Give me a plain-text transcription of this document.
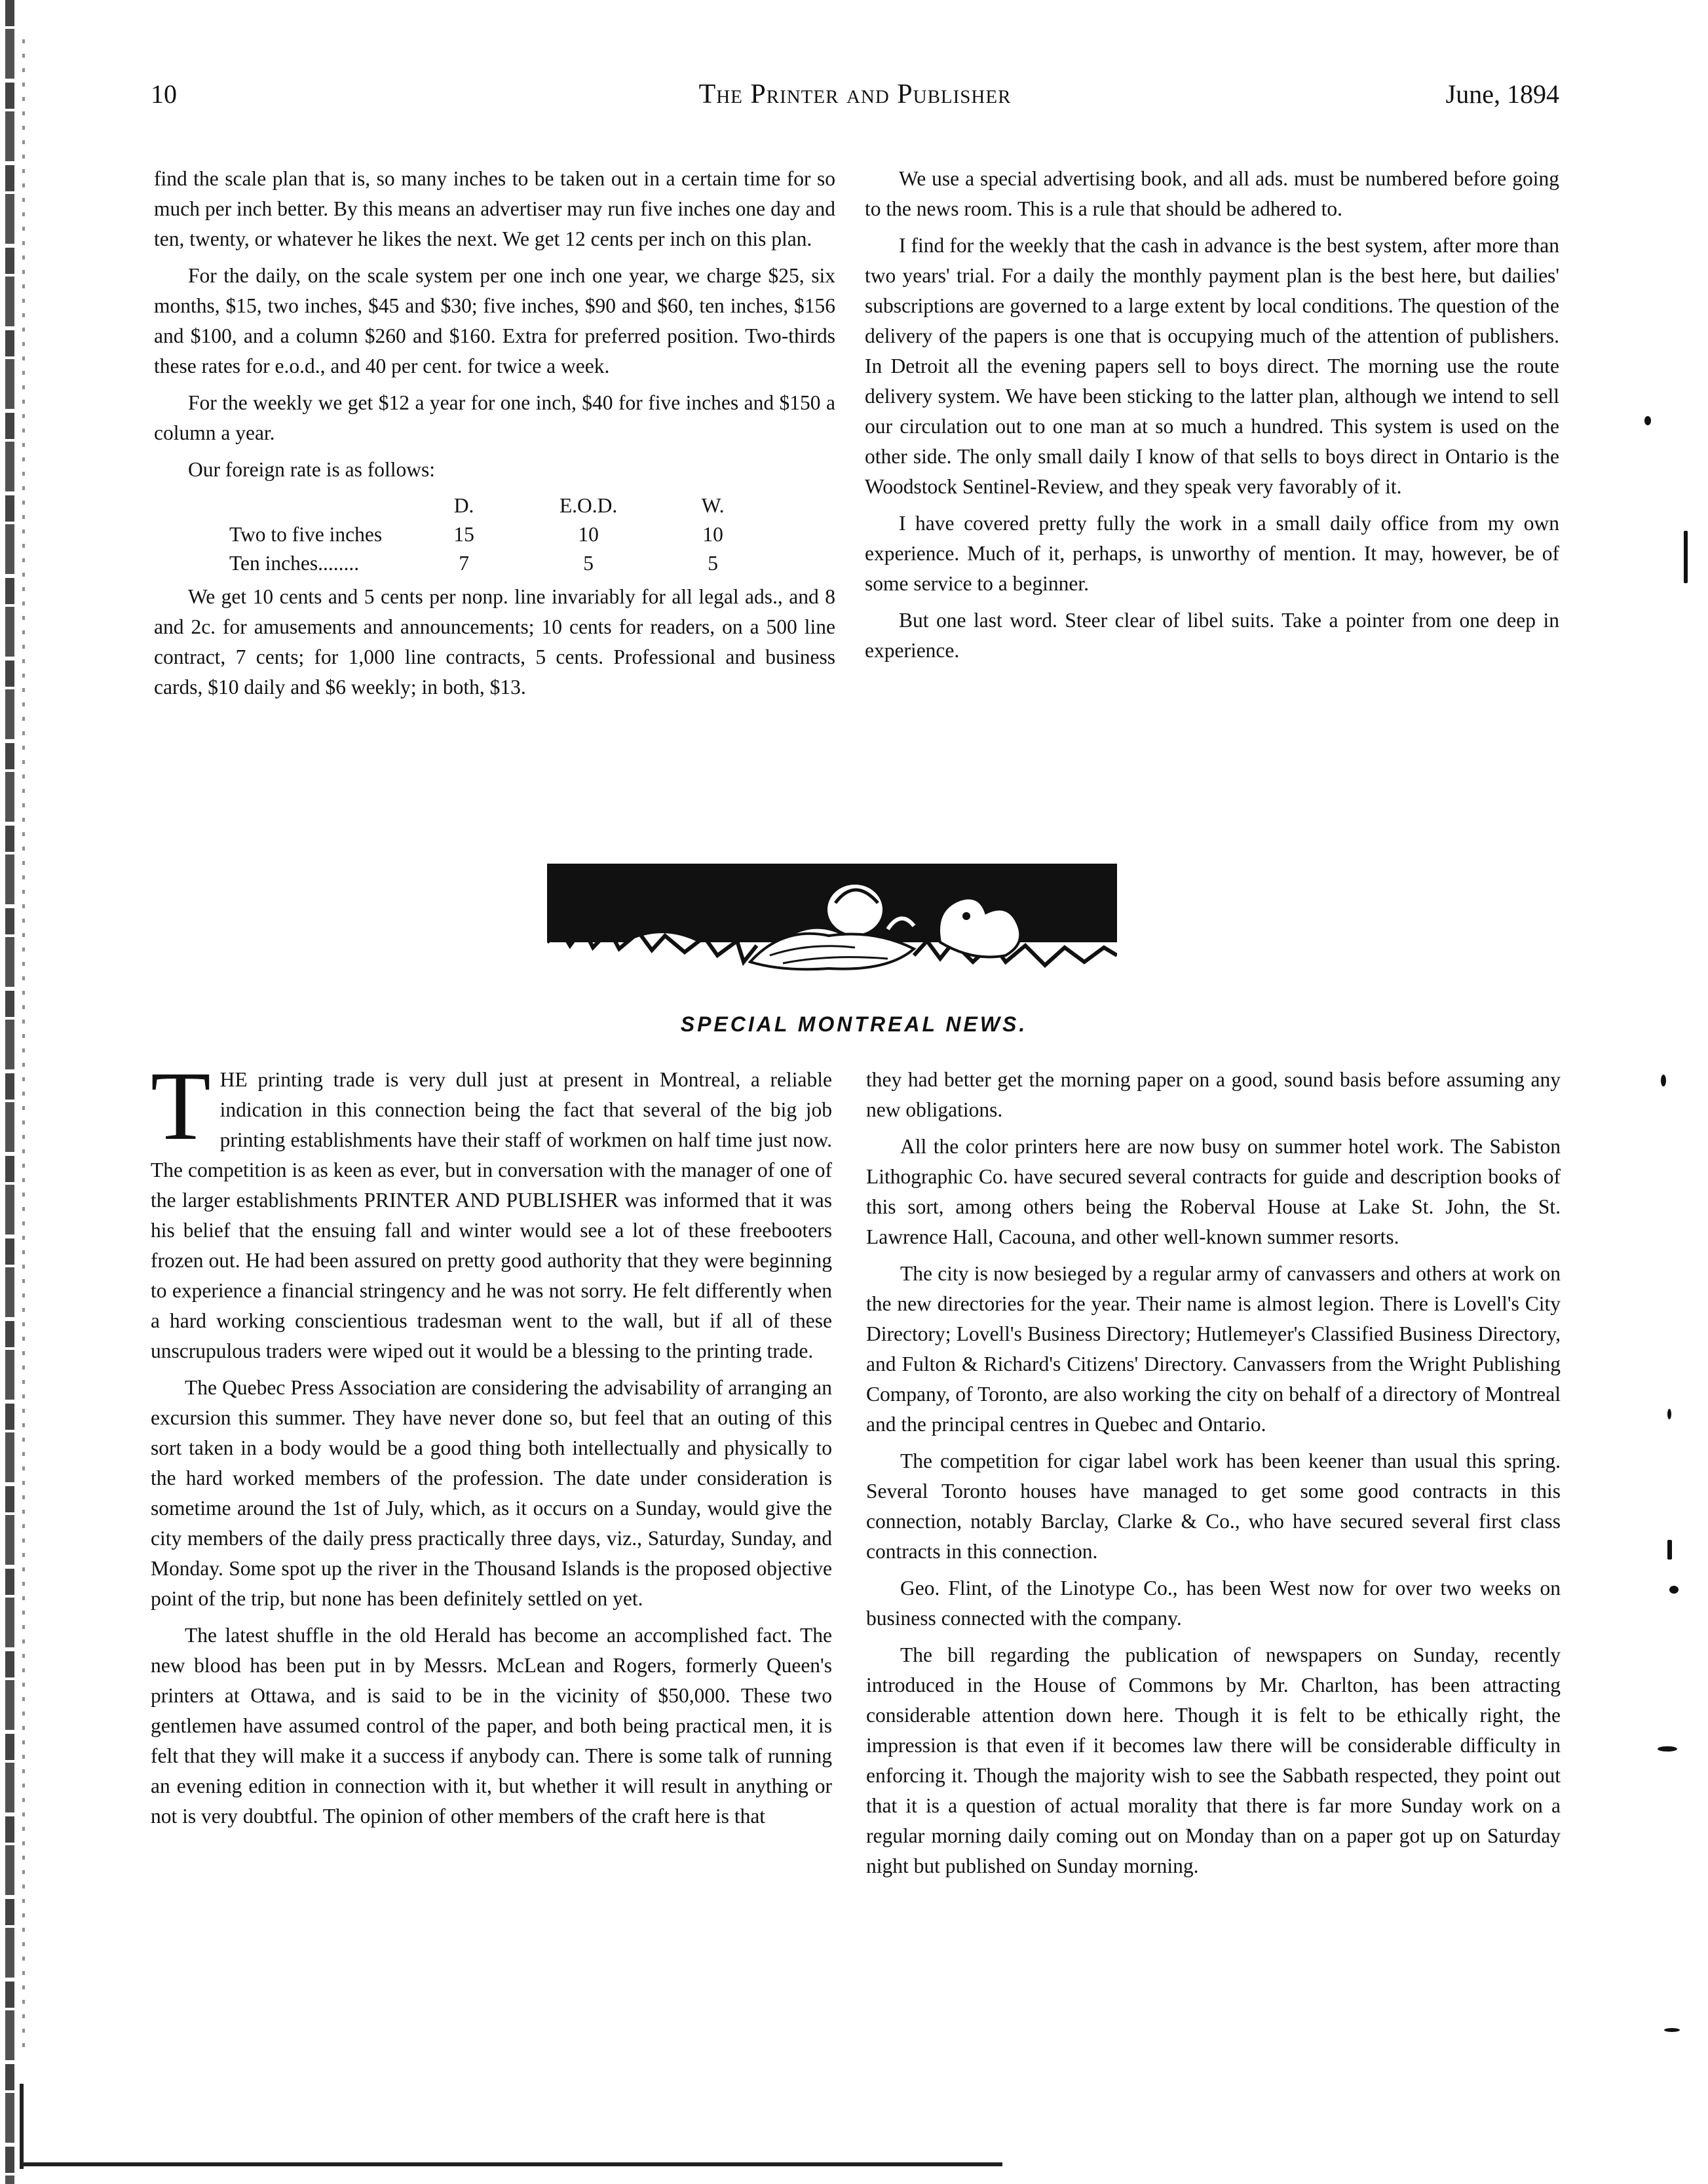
10	The Printer and Publisher	June, 1894

find the scale plan that is, so many inches to be taken out in a certain time for so much per inch better. By this means an advertiser may run five inches one day and ten, twenty, or whatever he likes the next. We get 12 cents per inch on this plan.

For the daily, on the scale system per one inch one year, we charge $25, six months, $15, two inches, $45 and $30; five inches, $90 and $60, ten inches, $156 and $100, and a column $260 and $160. Extra for preferred position. Two-thirds these rates for e.o.d., and 40 per cent. for twice a week.

For the weekly we get $12 a year for one inch, $40 for five inches and $150 a column a year.

Our foreign rate is as follows:

	D.	E.O.D.	W.
Two to five inches	15	10	10
Ten inches........	7	5	5

We get 10 cents and 5 cents per nonp. line invariably for all legal ads., and 8 and 2c. for amusements and announcements; 10 cents for readers, on a 500 line contract, 7 cents; for 1,000 line contracts, 5 cents. Professional and business cards, $10 daily and $6 weekly; in both, $13.

We use a special advertising book, and all ads. must be numbered before going to the news room. This is a rule that should be adhered to.

I find for the weekly that the cash in advance is the best system, after more than two years' trial. For a daily the monthly payment plan is the best here, but dailies' subscriptions are governed to a large extent by local conditions. The question of the delivery of the papers is one that is occupying much of the attention of publishers. In Detroit all the evening papers sell to boys direct. The morning use the route delivery system. We have been sticking to the latter plan, although we intend to sell our circulation out to one man at so much a hundred. This system is used on the other side. The only small daily I know of that sells to boys direct in Ontario is the Woodstock Sentinel-Review, and they speak very favorably of it.

I have covered pretty fully the work in a small daily office from my own experience. Much of it, perhaps, is unworthy of mention. It may, however, be of some service to a beginner.

But one last word. Steer clear of libel suits. Take a pointer from one deep in experience.

SPECIAL MONTREAL NEWS.

T HE printing trade is very dull just at present in Montreal, a reliable indication in this connection being the fact that several of the big job printing establishments have their staff of workmen on half time just now. The competition is as keen as ever, but in conversation with the manager of one of the larger establishments PRINTER AND PUBLISHER was informed that it was his belief that the ensuing fall and winter would see a lot of these freebooters frozen out. He had been assured on pretty good authority that they were beginning to experience a financial stringency and he was not sorry. He felt differently when a hard working conscientious tradesman went to the wall, but if all of these unscrupulous traders were wiped out it would be a blessing to the printing trade.

The Quebec Press Association are considering the advisability of arranging an excursion this summer. They have never done so, but feel that an outing of this sort taken in a body would be a good thing both intellectually and physically to the hard worked members of the profession. The date under consideration is sometime around the 1st of July, which, as it occurs on a Sunday, would give the city members of the daily press practically three days, viz., Saturday, Sunday, and Monday. Some spot up the river in the Thousand Islands is the proposed objective point of the trip, but none has been definitely settled on yet.

The latest shuffle in the old Herald has become an accomplished fact. The new blood has been put in by Messrs. McLean and Rogers, formerly Queen's printers at Ottawa, and is said to be in the vicinity of $50,000. These two gentlemen have assumed control of the paper, and both being practical men, it is felt that they will make it a success if anybody can. There is some talk of running an evening edition in connection with it, but whether it will result in anything or not is very doubtful. The opinion of other members of the craft here is that

they had better get the morning paper on a good, sound basis before assuming any new obligations.

All the color printers here are now busy on summer hotel work. The Sabiston Lithographic Co. have secured several contracts for guide and description books of this sort, among others being the Roberval House at Lake St. John, the St. Lawrence Hall, Cacouna, and other well-known summer resorts.

The city is now besieged by a regular army of canvassers and others at work on the new directories for the year. Their name is almost legion. There is Lovell's City Directory; Lovell's Business Directory; Hutlemeyer's Classified Business Directory, and Fulton & Richard's Citizens' Directory. Canvassers from the Wright Publishing Company, of Toronto, are also working the city on behalf of a directory of Montreal and the principal centres in Quebec and Ontario.

The competition for cigar label work has been keener than usual this spring. Several Toronto houses have managed to get some good contracts in this connection, notably Barclay, Clarke & Co., who have secured several first class contracts in this connection.

Geo. Flint, of the Linotype Co., has been West now for over two weeks on business connected with the company.

The bill regarding the publication of newspapers on Sunday, recently introduced in the House of Commons by Mr. Charlton, has been attracting considerable attention down here. Though it is felt to be ethically right, the impression is that even if it becomes law there will be considerable difficulty in enforcing it. Though the majority wish to see the Sabbath respected, they point out that it is a question of actual morality that there is far more Sunday work on a regular morning daily coming out on Monday than on a paper got up on Saturday night but published on Sunday morning.
